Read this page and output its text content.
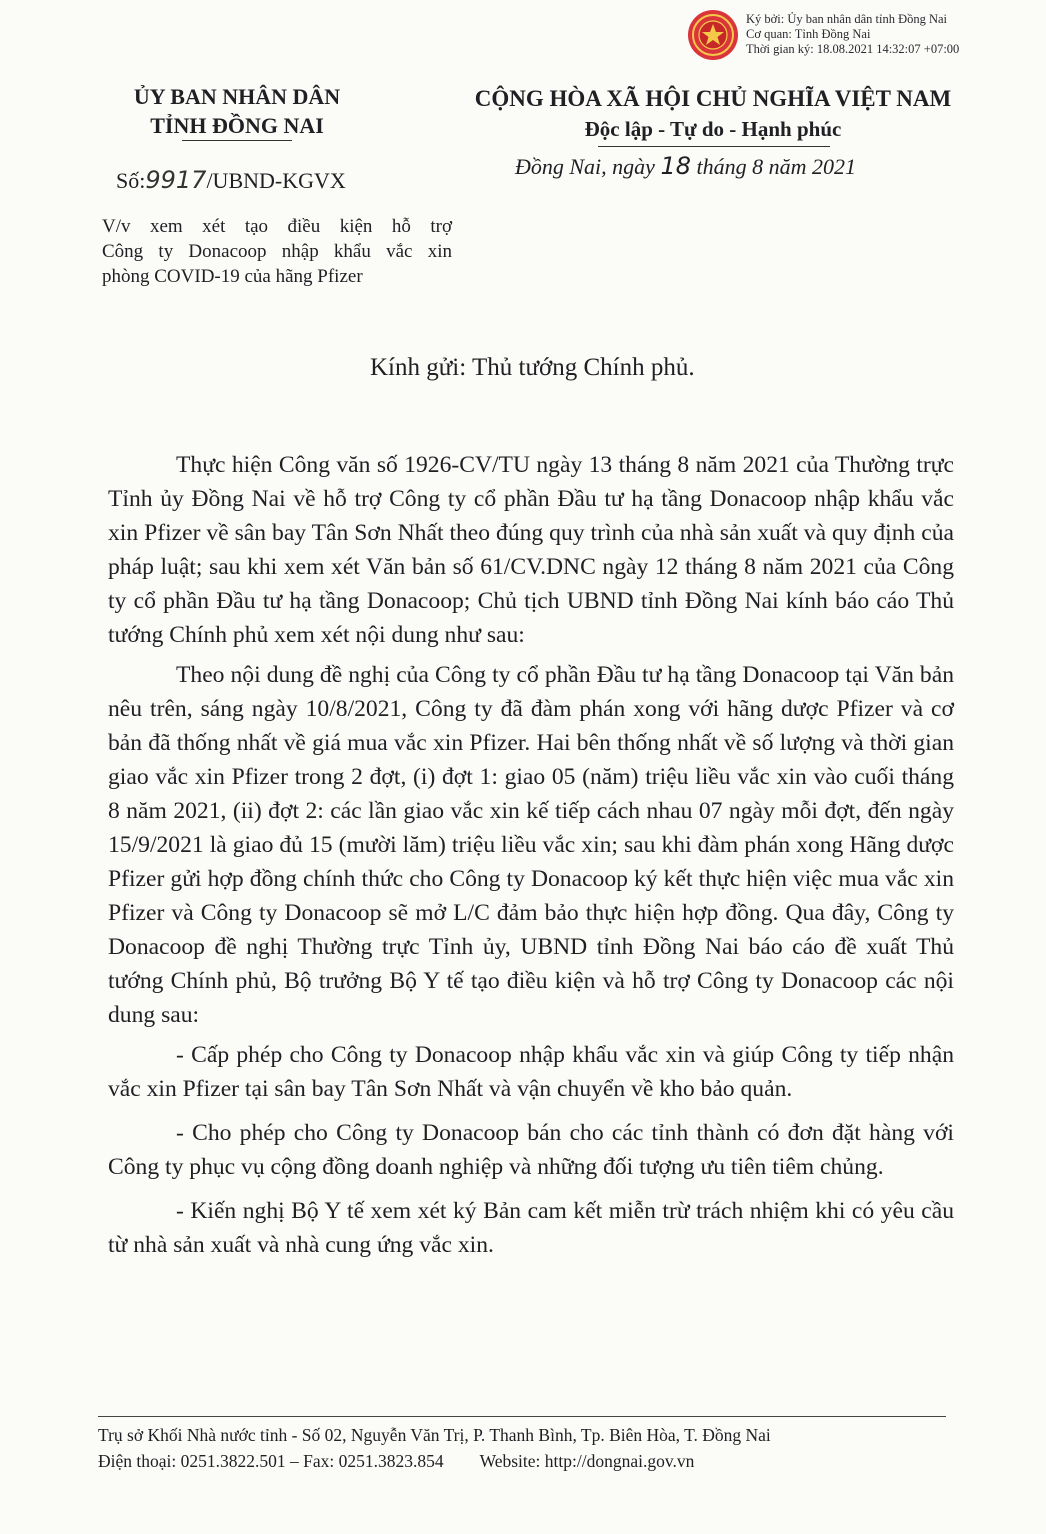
Ký bởi: Ủy ban nhân dân tỉnh Đồng Nai
Cơ quan: Tỉnh Đồng Nai
Thời gian ký: 18.08.2021 14:32:07 +07:00
ỦY BAN NHÂN DÂN
TỈNH ĐỒNG NAI
CỘNG HÒA XÃ HỘI CHỦ NGHĨA VIỆT NAM
Độc lập - Tự do - Hạnh phúc
Số:9917/UBND-KGVX
Đồng Nai, ngày 18 tháng 8 năm 2021
V/v xem xét tạo điều kiện hỗ trợ
Công ty Donacoop nhập khẩu vắc xin
phòng COVID-19 của hãng Pfizer
Kính gửi: Thủ tướng Chính phủ.

Thực hiện Công văn số 1926-CV/TU ngày 13 tháng 8 năm 2021 của Thường trực Tỉnh ủy Đồng Nai về hỗ trợ Công ty cổ phần Đầu tư hạ tầng Donacoop nhập khẩu vắc xin Pfizer về sân bay Tân Sơn Nhất theo đúng quy trình của nhà sản xuất và quy định của pháp luật; sau khi xem xét Văn bản số 61/CV.DNC ngày 12 tháng 8 năm 2021 của Công ty cổ phần Đầu tư hạ tầng Donacoop; Chủ tịch UBND tỉnh Đồng Nai kính báo cáo Thủ tướng Chính phủ xem xét nội dung như sau:

Theo nội dung đề nghị của Công ty cổ phần Đầu tư hạ tầng Donacoop tại Văn bản nêu trên, sáng ngày 10/8/2021, Công ty đã đàm phán xong với hãng dược Pfizer và cơ bản đã thống nhất về giá mua vắc xin Pfizer. Hai bên thống nhất về số lượng và thời gian giao vắc xin Pfizer trong 2 đợt, (i) đợt 1: giao 05 (năm) triệu liều vắc xin vào cuối tháng 8 năm 2021, (ii) đợt 2: các lần giao vắc xin kế tiếp cách nhau 07 ngày mỗi đợt, đến ngày 15/9/2021 là giao đủ 15 (mười lăm) triệu liều vắc xin; sau khi đàm phán xong Hãng dược Pfizer gửi hợp đồng chính thức cho Công ty Donacoop ký kết thực hiện việc mua vắc xin Pfizer và Công ty Donacoop sẽ mở L/C đảm bảo thực hiện hợp đồng. Qua đây, Công ty Donacoop đề nghị Thường trực Tỉnh ủy, UBND tỉnh Đồng Nai báo cáo đề xuất Thủ tướng Chính phủ, Bộ trưởng Bộ Y tế tạo điều kiện và hỗ trợ Công ty Donacoop các nội dung sau:

- Cấp phép cho Công ty Donacoop nhập khẩu vắc xin và giúp Công ty tiếp nhận vắc xin Pfizer tại sân bay Tân Sơn Nhất và vận chuyển về kho bảo quản.

- Cho phép cho Công ty Donacoop bán cho các tỉnh thành có đơn đặt hàng với Công ty phục vụ cộng đồng doanh nghiệp và những đối tượng ưu tiên tiêm chủng.

- Kiến nghị Bộ Y tế xem xét ký Bản cam kết miễn trừ trách nhiệm khi có yêu cầu từ nhà sản xuất và nhà cung ứng vắc xin.

Trụ sở Khối Nhà nước tỉnh - Số 02, Nguyễn Văn Trị, P. Thanh Bình, Tp. Biên Hòa, T. Đồng Nai
Điện thoại: 0251.3822.501 – Fax: 0251.3823.854 Website: http://dongnai.gov.vn
